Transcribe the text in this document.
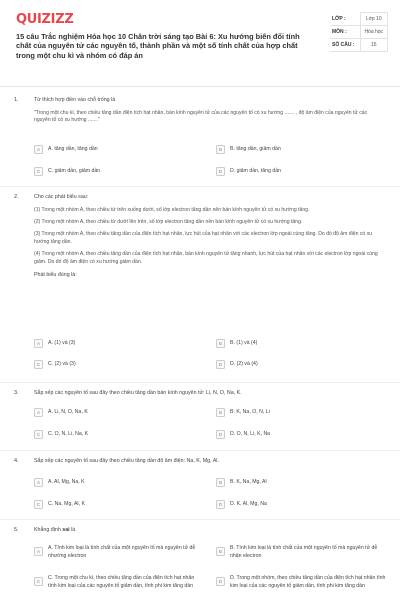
QUIZIZZ
15 câu Trắc nghiệm Hóa học 10 Chân trời sáng tạo Bài 6: Xu hướng biến đổi tính chất của nguyên tử các nguyên tố, thành phần và một số tính chất của hợp chất trong một chu kì và nhóm có đáp án
LỚP :	Lớp 10
MÔN :	Hóa học
SỐ CÂU :	15
1.	Từ thích hợp điền vào chỗ trống là
"Trong một chu kì, theo chiều tăng dần điện tích hạt nhân, bán kính nguyên tử của các nguyên tố có xu hướng ....... , độ âm điện của nguyên tử các nguyên tố có xu hướng ......."
A	A. tăng dần, tăng dần	B	B. tăng dần, giảm dần
C	C. giảm dần, giảm dần	D	D. giảm dần, tăng dần
2.	Cho các phát biểu sau:
(1) Trong một nhóm A, theo chiều từ trên xuống dưới, số lớp electron tăng dần nên bán kính nguyên tử có xu hướng tăng.
(2) Trong một nhóm A, theo chiều từ dưới lên trên, số lớp electron tăng dần nên bán kính nguyên tử có xu hướng tăng.
(3) Trong một nhóm A, theo chiều tăng dần của điện tích hạt nhân, lực hút của hạt nhân với các electron lớp ngoài cùng tăng. Do đó độ âm điện có xu hướng tăng dần.
(4) Trong một nhóm A, theo chiều tăng dần của điện tích hạt nhân, bán kính nguyên tử tăng nhanh, lực hút của hạt nhân với các electron lớp ngoài cùng giảm. Do đó độ âm điện có xu hướng giảm dần.
Phát biểu đúng là:
A	A. (1) và (3)	B	B. (1) và (4)
C	C. (2) và (3)	D	D. (2) và (4)
3.	Sắp xếp các nguyên tố sau đây theo chiều tăng dần bán kính nguyên tử: Li, N, O, Na, K.
A	A. Li, N, O, Na, K	B	B. K, Na, O, N, Li
C	C. O, N, Li, Na, K	D	D. O, N, Li, K, Na
4.	Sắp xếp các nguyên tố sau đây theo chiều tăng dần độ âm điện: Na, K, Mg, Al.
A	A. Al, Mg, Na, K	B	B. K, Na, Mg, Al
C	C. Na, Mg, Al, K	D	D. K, Al, Mg, Na
5.	Khẳng định sai là
A
A. Tính kim loại là tính chất của một nguyên tố mà nguyên tử dễ nhường electron
B
B. Tính kim loại là tính chất của một nguyên tố mà nguyên tử dễ nhận electron
C
C. Trong một chu kì, theo chiều tăng dần của điện tích hạt nhân tính kim loại của các nguyên tố giảm dần, tính phi kim tăng dần
D
D. Trong một nhóm, theo chiều tăng dần của điện tích hạt nhân tính kim loại của các nguyên tố giảm dần, tính phi kim tăng dần
